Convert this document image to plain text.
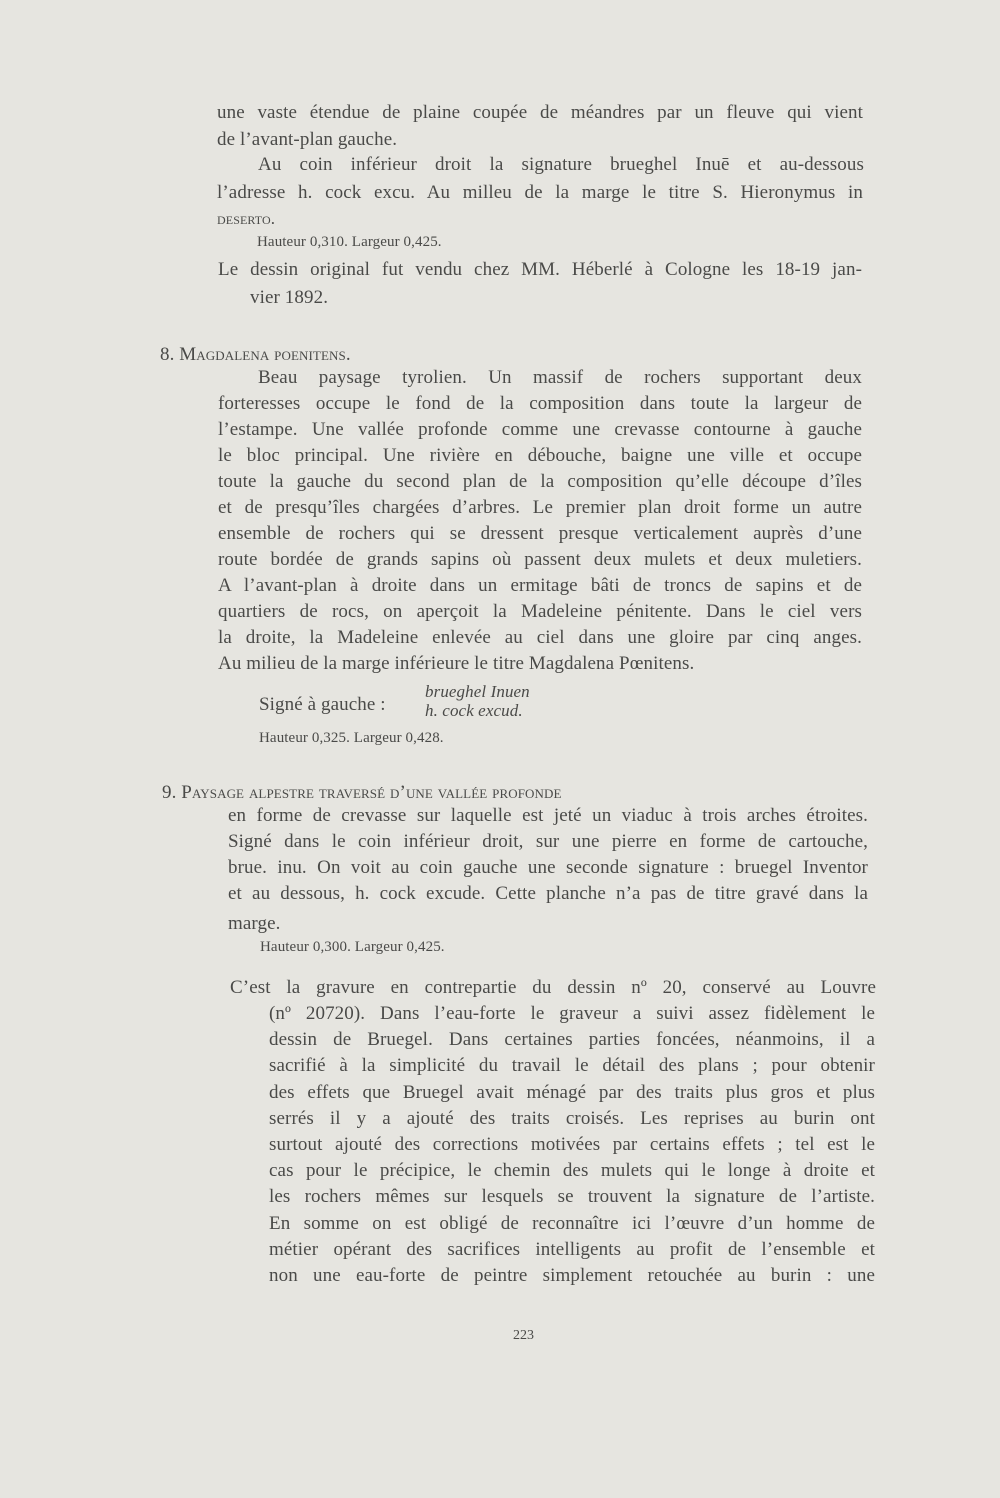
une vaste étendue de plaine coupée de méandres par un fleuve qui vient
de l’avant-plan gauche.
Au coin inférieur droit la signature brueghel Inuē et au-dessous
l’adresse h. cock excu. Au milleu de la marge le titre S. Hieronymus in
deserto.
Hauteur 0,310. Largeur 0,425.
Le dessin original fut vendu chez MM. Héberlé à Cologne les 18-19 jan-
vier 1892.
8. Magdalena poenitens.
Beau paysage tyrolien. Un massif de rochers supportant deux
forteresses occupe le fond de la composition dans toute la largeur de
l’estampe. Une vallée profonde comme une crevasse contourne à gauche
le bloc principal. Une rivière en débouche, baigne une ville et occupe
toute la gauche du second plan de la composition qu’elle découpe d’îles
et de presqu’îles chargées d’arbres. Le premier plan droit forme un autre
ensemble de rochers qui se dressent presque verticalement auprès d’une
route bordée de grands sapins où passent deux mulets et deux muletiers.
A l’avant-plan à droite dans un ermitage bâti de troncs de sapins et de
quartiers de rocs, on aperçoit la Madeleine pénitente. Dans le ciel vers
la droite, la Madeleine enlevée au ciel dans une gloire par cinq anges.
Au milieu de la marge inférieure le titre Magdalena Pœnitens.
Signé à gauche :
brueghel Inuen
h. cock excud.
Hauteur 0,325. Largeur 0,428.
9. Paysage alpestre traversé d’une vallée profonde
en forme de crevasse sur laquelle est jeté un viaduc à trois arches étroites.
Signé dans le coin inférieur droit, sur une pierre en forme de cartouche,
brue. inu. On voit au coin gauche une seconde signature : bruegel Inventor
et au dessous, h. cock excude. Cette planche n’a pas de titre gravé dans la
marge.
Hauteur 0,300. Largeur 0,425.
C’est la gravure en contrepartie du dessin nº 20, conservé au Louvre
(nº 20720). Dans l’eau-forte le graveur a suivi assez fidèlement le
dessin de Bruegel. Dans certaines parties foncées, néanmoins, il a
sacrifié à la simplicité du travail le détail des plans ; pour obtenir
des effets que Bruegel avait ménagé par des traits plus gros et plus
serrés il y a ajouté des traits croisés. Les reprises au burin ont
surtout ajouté des corrections motivées par certains effets ; tel est le
cas pour le précipice, le chemin des mulets qui le longe à droite et
les rochers mêmes sur lesquels se trouvent la signature de l’artiste.
En somme on est obligé de reconnaître ici l’œuvre d’un homme de
métier opérant des sacrifices intelligents au profit de l’ensemble et
non une eau-forte de peintre simplement retouchée au burin : une
223
